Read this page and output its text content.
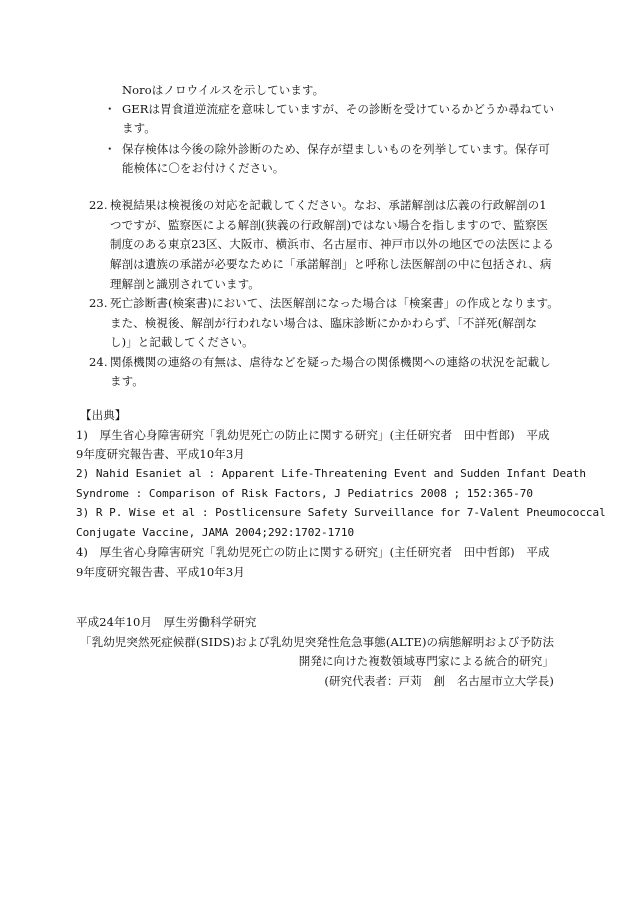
Noroはノロウイルスを示しています。
・ GERは胃食道逆流症を意味していますが、その診断を受けているかどうか尋ねてい
ます。
・ 保存検体は今後の除外診断のため、保存が望ましいものを列挙しています。保存可
能検体に〇をお付けください。
22. 検視結果は検視後の対応を記載してください。なお、承諾解剖は広義の行政解剖の1
つですが、監察医による解剖(狭義の行政解剖)ではない場合を指しますので、監察医
制度のある東京23区、大阪市、横浜市、名古屋市、神戸市以外の地区での法医による
解剖は遺族の承諾が必要なために「承諾解剖」と呼称し法医解剖の中に包括され、病
理解剖と識別されています。
23. 死亡診断書(検案書)において、法医解剖になった場合は「検案書」の作成となります。
また、検視後、解剖が行われない場合は、臨床診断にかかわらず、「不詳死(解剖な
し)」と記載してください。
24. 関係機関の連絡の有無は、虐待などを疑った場合の関係機関への連絡の状況を記載し
ます。
【出典】
1)　厚生省心身障害研究「乳幼児死亡の防止に関する研究」(主任研究者　田中哲郎)　平成
9年度研究報告書、平成10年3月
2) Nahid Esaniet al : Apparent Life-Threatening Event and Sudden Infant Death
Syndrome : Comparison of Risk Factors, J Pediatrics 2008 ; 152:365-70
3) R P. Wise et al : Postlicensure Safety Surveillance for 7-Valent Pneumococcal
Conjugate Vaccine, JAMA 2004;292:1702-1710
4)　厚生省心身障害研究「乳幼児死亡の防止に関する研究」(主任研究者　田中哲郎)　平成
9年度研究報告書、平成10年3月
平成24年10月　厚生労働科学研究
「乳幼児突然死症候群(SIDS)および乳幼児突発性危急事態(ALTE)の病態解明および予防法
開発に向けた複数領域専門家による統合的研究」
(研究代表者：戸苅　創　名古屋市立大学長)
